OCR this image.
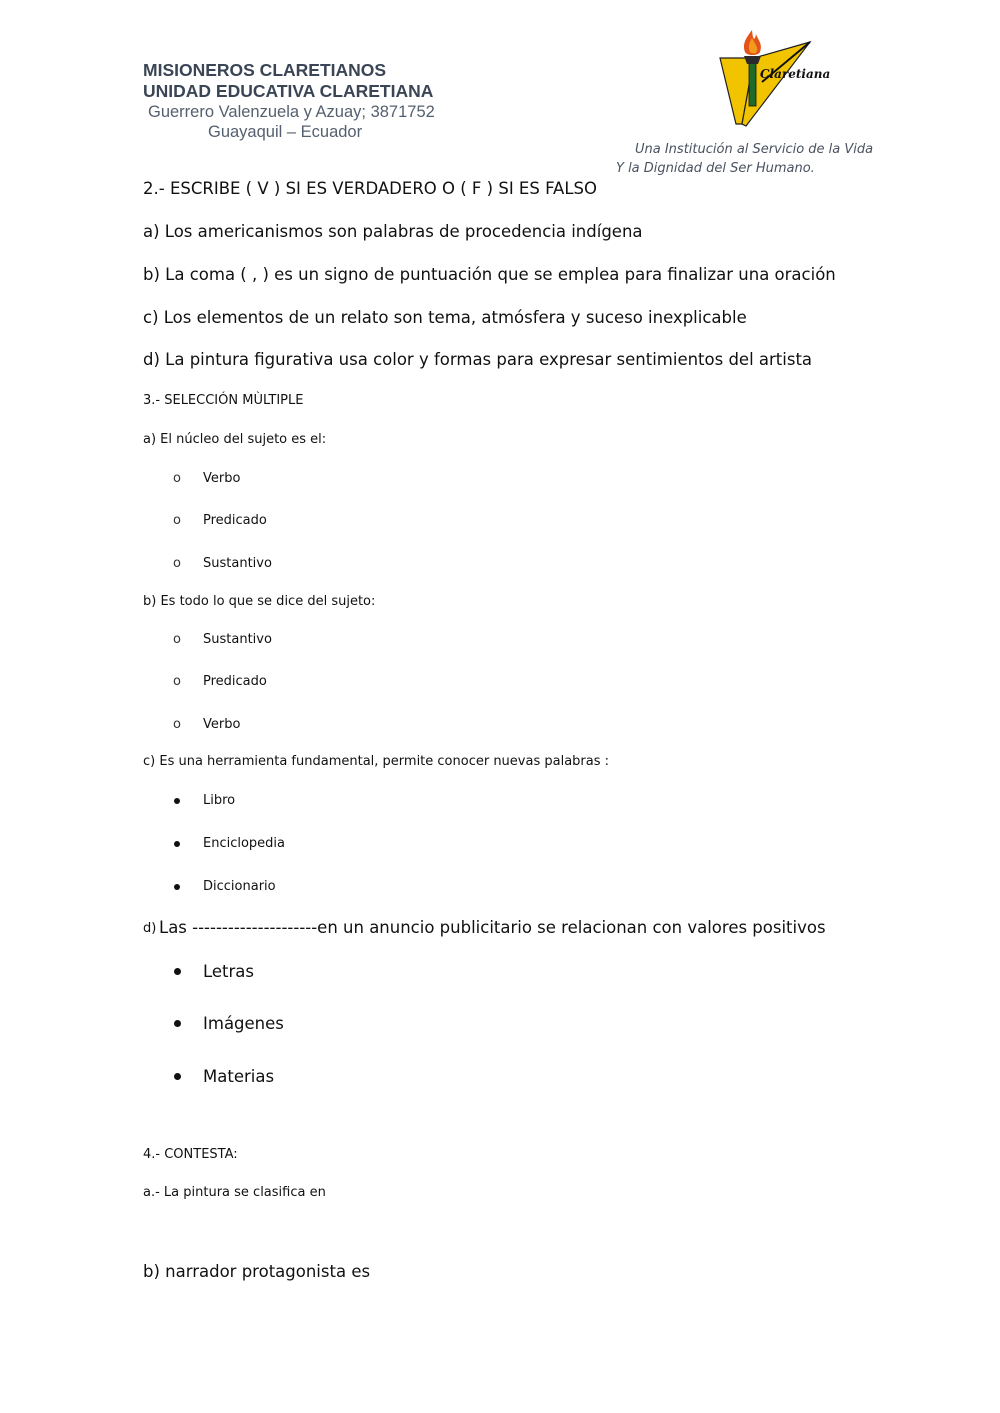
MISIONEROS CLARETIANOS
UNIDAD EDUCATIVA CLARETIANA
Guerrero Valenzuela y Azuay; 3871752
Guayaquil – Ecuador
Claretiana
Una Institución al Servicio de la Vida
Y la Dignidad del Ser Humano.
2.- ESCRIBE ( V ) SI ES VERDADERO O ( F ) SI ES FALSO
a) Los americanismos son palabras de procedencia indígena
b) La coma ( , ) es un signo de puntuación que se emplea para finalizar una oración
c) Los elementos de un relato son tema, atmósfera y suceso inexplicable
d) La pintura figurativa usa color y formas para expresar sentimientos del artista
3.- SELECCIÓN MÙLTIPLE
a) El núcleo del sujeto es el:
o Verbo
o Predicado
o Sustantivo
b) Es todo lo que se dice del sujeto:
o Sustantivo
o Predicado
o Verbo
c) Es una herramienta fundamental, permite conocer nuevas palabras :
Libro
Enciclopedia
Diccionario
d) Las ---------------------en un anuncio publicitario se relacionan con valores positivos
Letras
Imágenes
Materias
4.- CONTESTA:
a.- La pintura se clasifica en
b) narrador protagonista es
